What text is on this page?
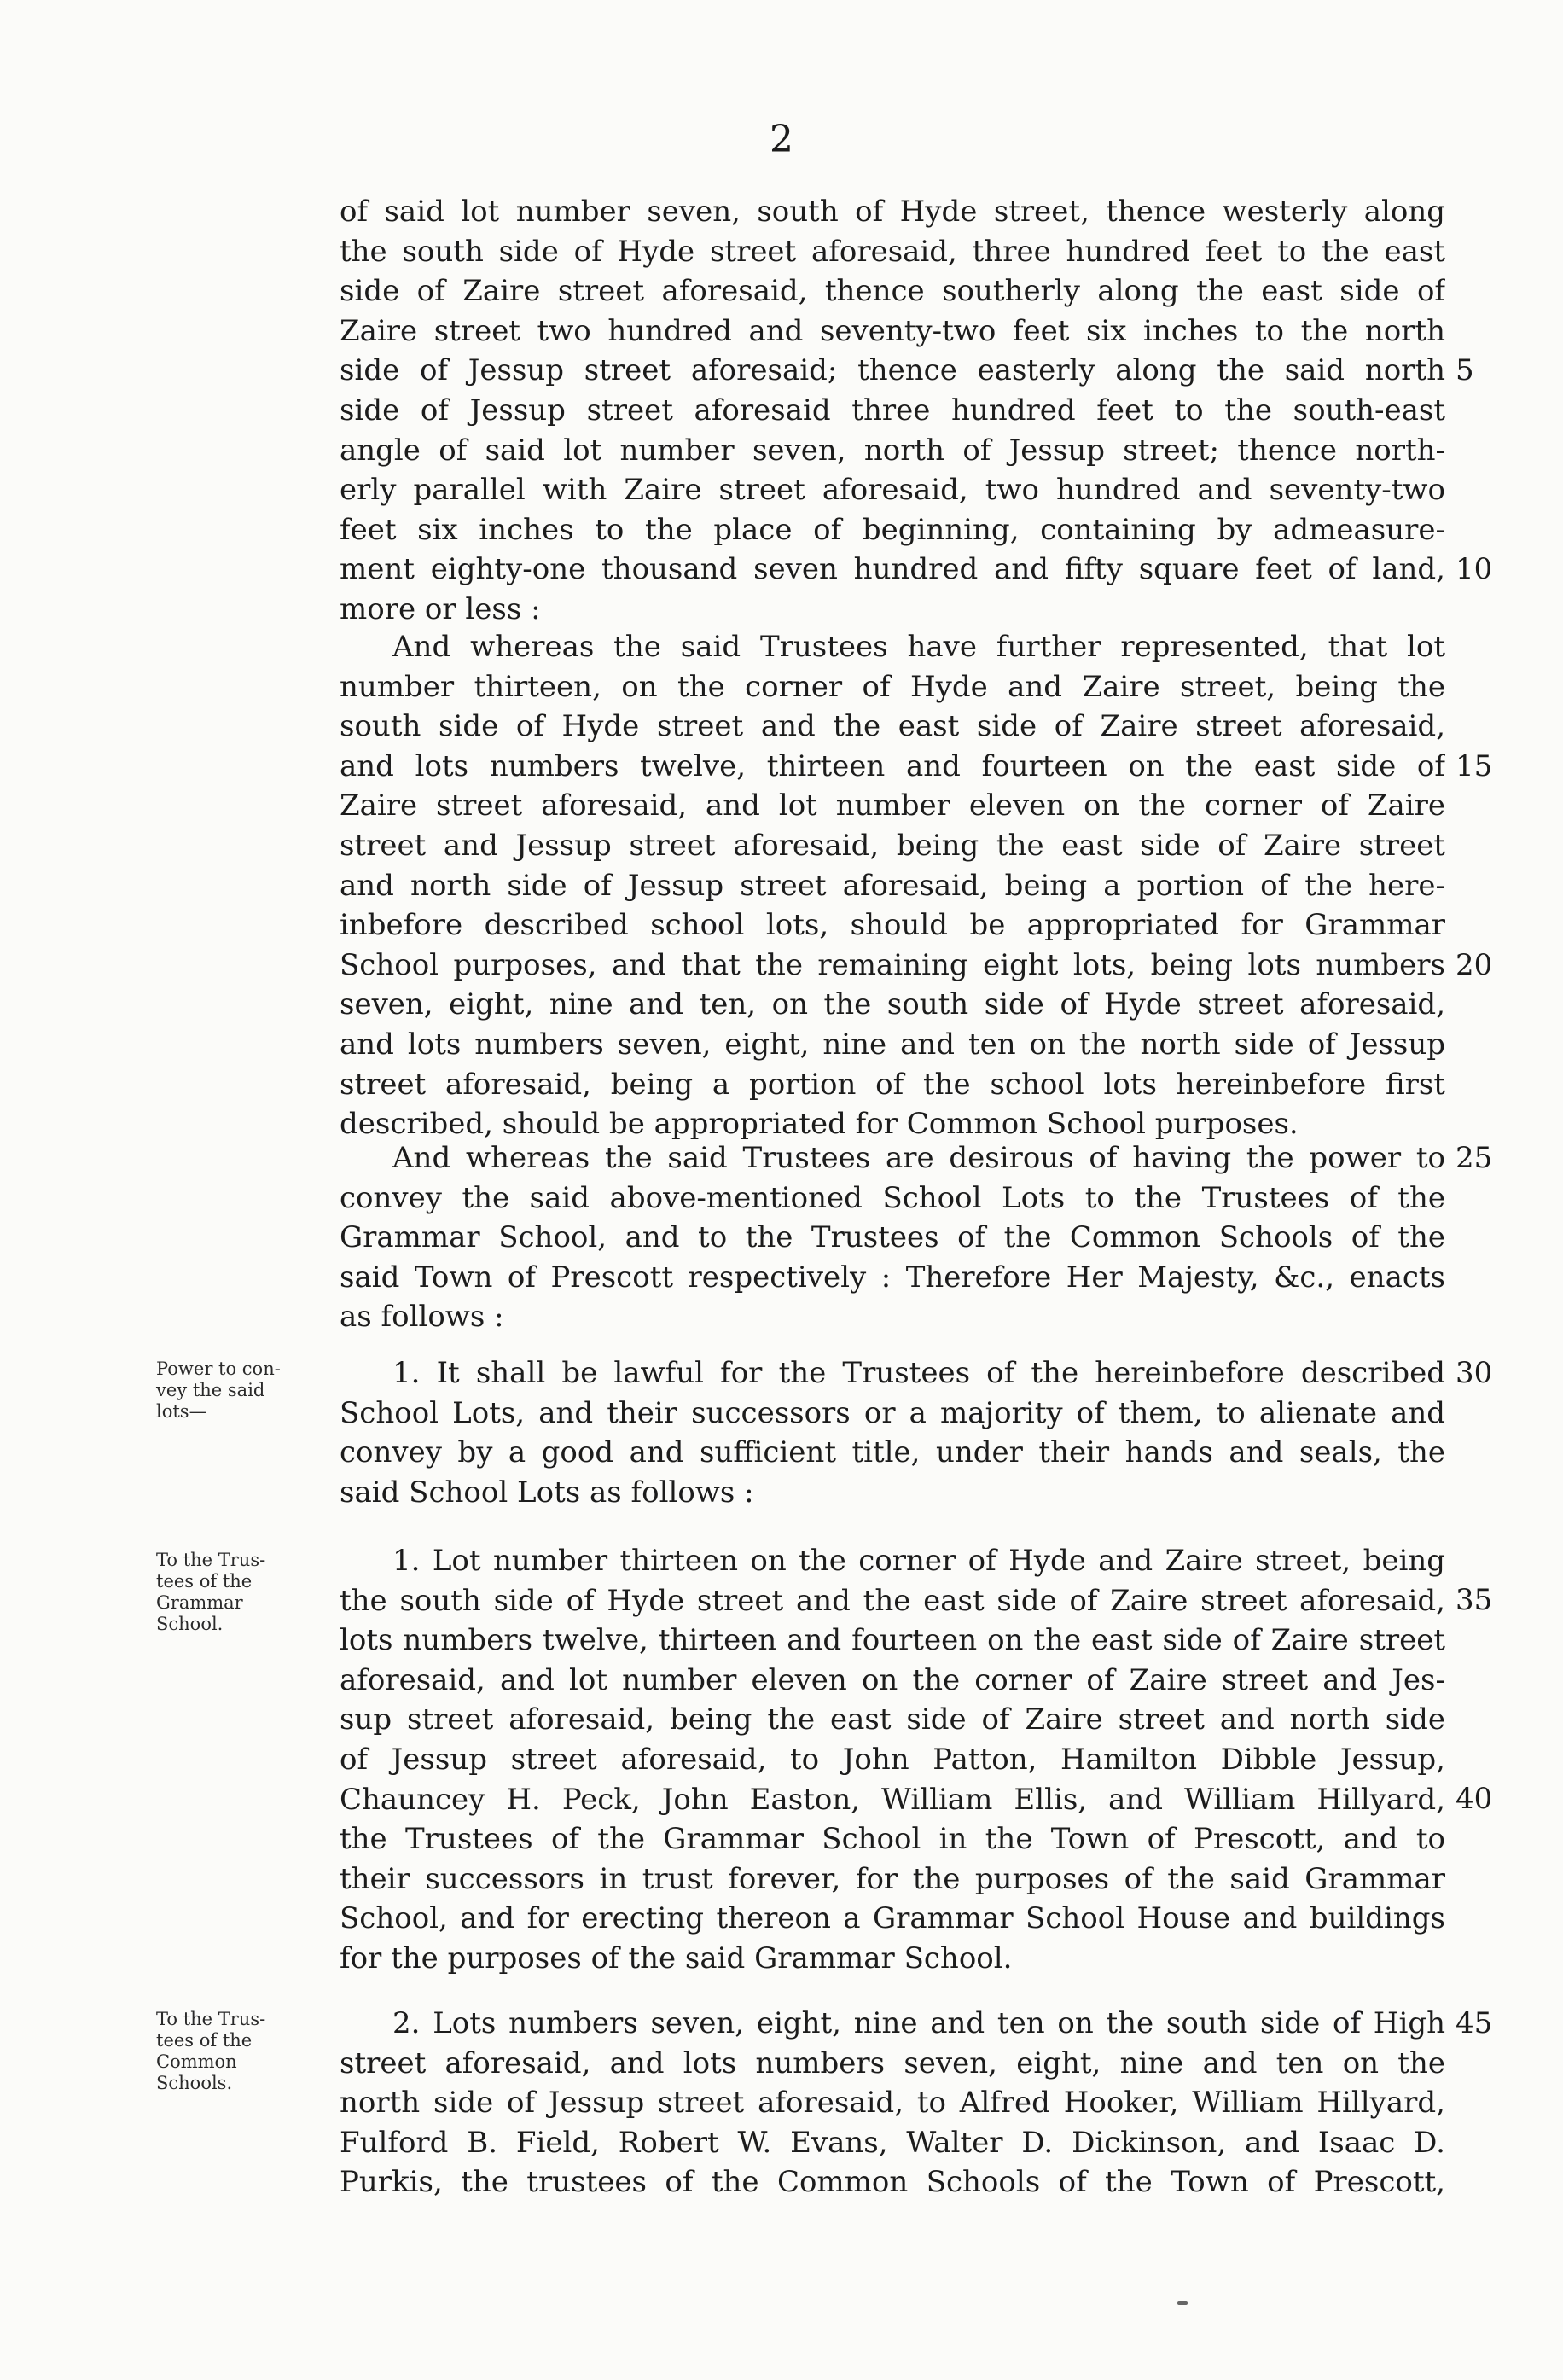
2
of said lot number seven, south of Hyde street, thence westerly along
the south side of Hyde street aforesaid, three hundred feet to the east
side of Zaire street aforesaid, thence southerly along the east side of
Zaire street two hundred and seventy-two feet six inches to the north
side of Jessup street aforesaid; thence easterly along the said north
side of Jessup street aforesaid three hundred feet to the south-east
angle of said lot number seven, north of Jessup street; thence north-
erly parallel with Zaire street aforesaid, two hundred and seventy-two
feet six inches to the place of beginning, containing by admeasure-
ment eighty-one thousand seven hundred and fifty square feet of land,
more or less :
And whereas the said Trustees have further represented, that lot
number thirteen, on the corner of Hyde and Zaire street, being the
south side of Hyde street and the east side of Zaire street aforesaid,
and lots numbers twelve, thirteen and fourteen on the east side of
Zaire street aforesaid, and lot number eleven on the corner of Zaire
street and Jessup street aforesaid, being the east side of Zaire street
and north side of Jessup street aforesaid, being a portion of the here-
inbefore described school lots, should be appropriated for Grammar
School purposes, and that the remaining eight lots, being lots numbers
seven, eight, nine and ten, on the south side of Hyde street aforesaid,
and lots numbers seven, eight, nine and ten on the north side of Jessup
street aforesaid, being a portion of the school lots hereinbefore first
described, should be appropriated for Common School purposes.
And whereas the said Trustees are desirous of having the power to
convey the said above-mentioned School Lots to the Trustees of the
Grammar School, and to the Trustees of the Common Schools of the
said Town of Prescott respectively : Therefore Her Majesty, &c., enacts
as follows :
1. It shall be lawful for the Trustees of the hereinbefore described
School Lots, and their successors or a majority of them, to alienate and
convey by a good and sufficient title, under their hands and seals, the
said School Lots as follows :
1. Lot number thirteen on the corner of Hyde and Zaire street, being
the south side of Hyde street and the east side of Zaire street aforesaid,
lots numbers twelve, thirteen and fourteen on the east side of Zaire street
aforesaid, and lot number eleven on the corner of Zaire street and Jes-
sup street aforesaid, being the east side of Zaire street and north side
of Jessup street aforesaid, to John Patton, Hamilton Dibble Jessup,
Chauncey H. Peck, John Easton, William Ellis, and William Hillyard,
the Trustees of the Grammar School in the Town of Prescott, and to
their successors in trust forever, for the purposes of the said Grammar
School, and for erecting thereon a Grammar School House and buildings
for the purposes of the said Grammar School.
2. Lots numbers seven, eight, nine and ten on the south side of High
street aforesaid, and lots numbers seven, eight, nine and ten on the
north side of Jessup street aforesaid, to Alfred Hooker, William Hillyard,
Fulford B. Field, Robert W. Evans, Walter D. Dickinson, and Isaac D.
Purkis, the trustees of the Common Schools of the Town of Prescott,
Power to con-
vey the said
lots—
To the Trus-
tees of the
Grammar
School.
To the Trus-
tees of the
Common
Schools.
5
10
15
20
25
30
35
40
45
